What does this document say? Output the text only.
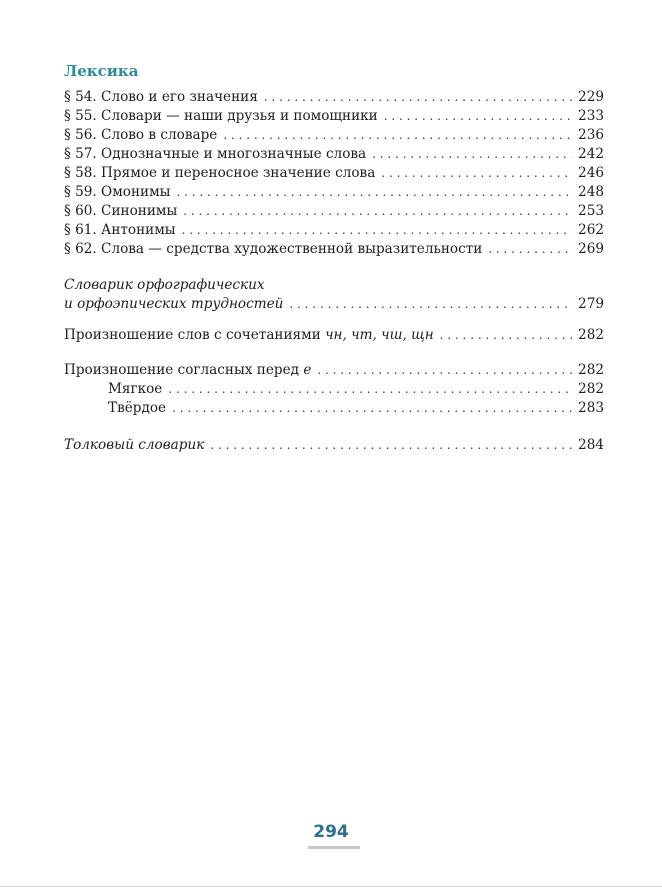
Лексика
§ 54. Слово и его значения . . .	229
§ 55. Словари — наши друзья и помощники . . .	233
§ 56. Слово в словаре . . .	236
§ 57. Однозначные и многозначные слова . . .	242
§ 58. Прямое и переносное значение слова . . .	246
§ 59. Омонимы . . .	248
§ 60. Синонимы . . .	253
§ 61. Антонимы . . .	262
§ 62. Слова — средства художественной выразительности . . .	269
Словарик орфографических
и орфоэпических трудностей . . .	279
Произношение слов с сочетаниями чн, чт, чш, щн . . .	282
Произношение согласных перед е . . .	282
Мягкое . . .	282
Твёрдое . . .	283
Толковый словарик . . .	284
294
